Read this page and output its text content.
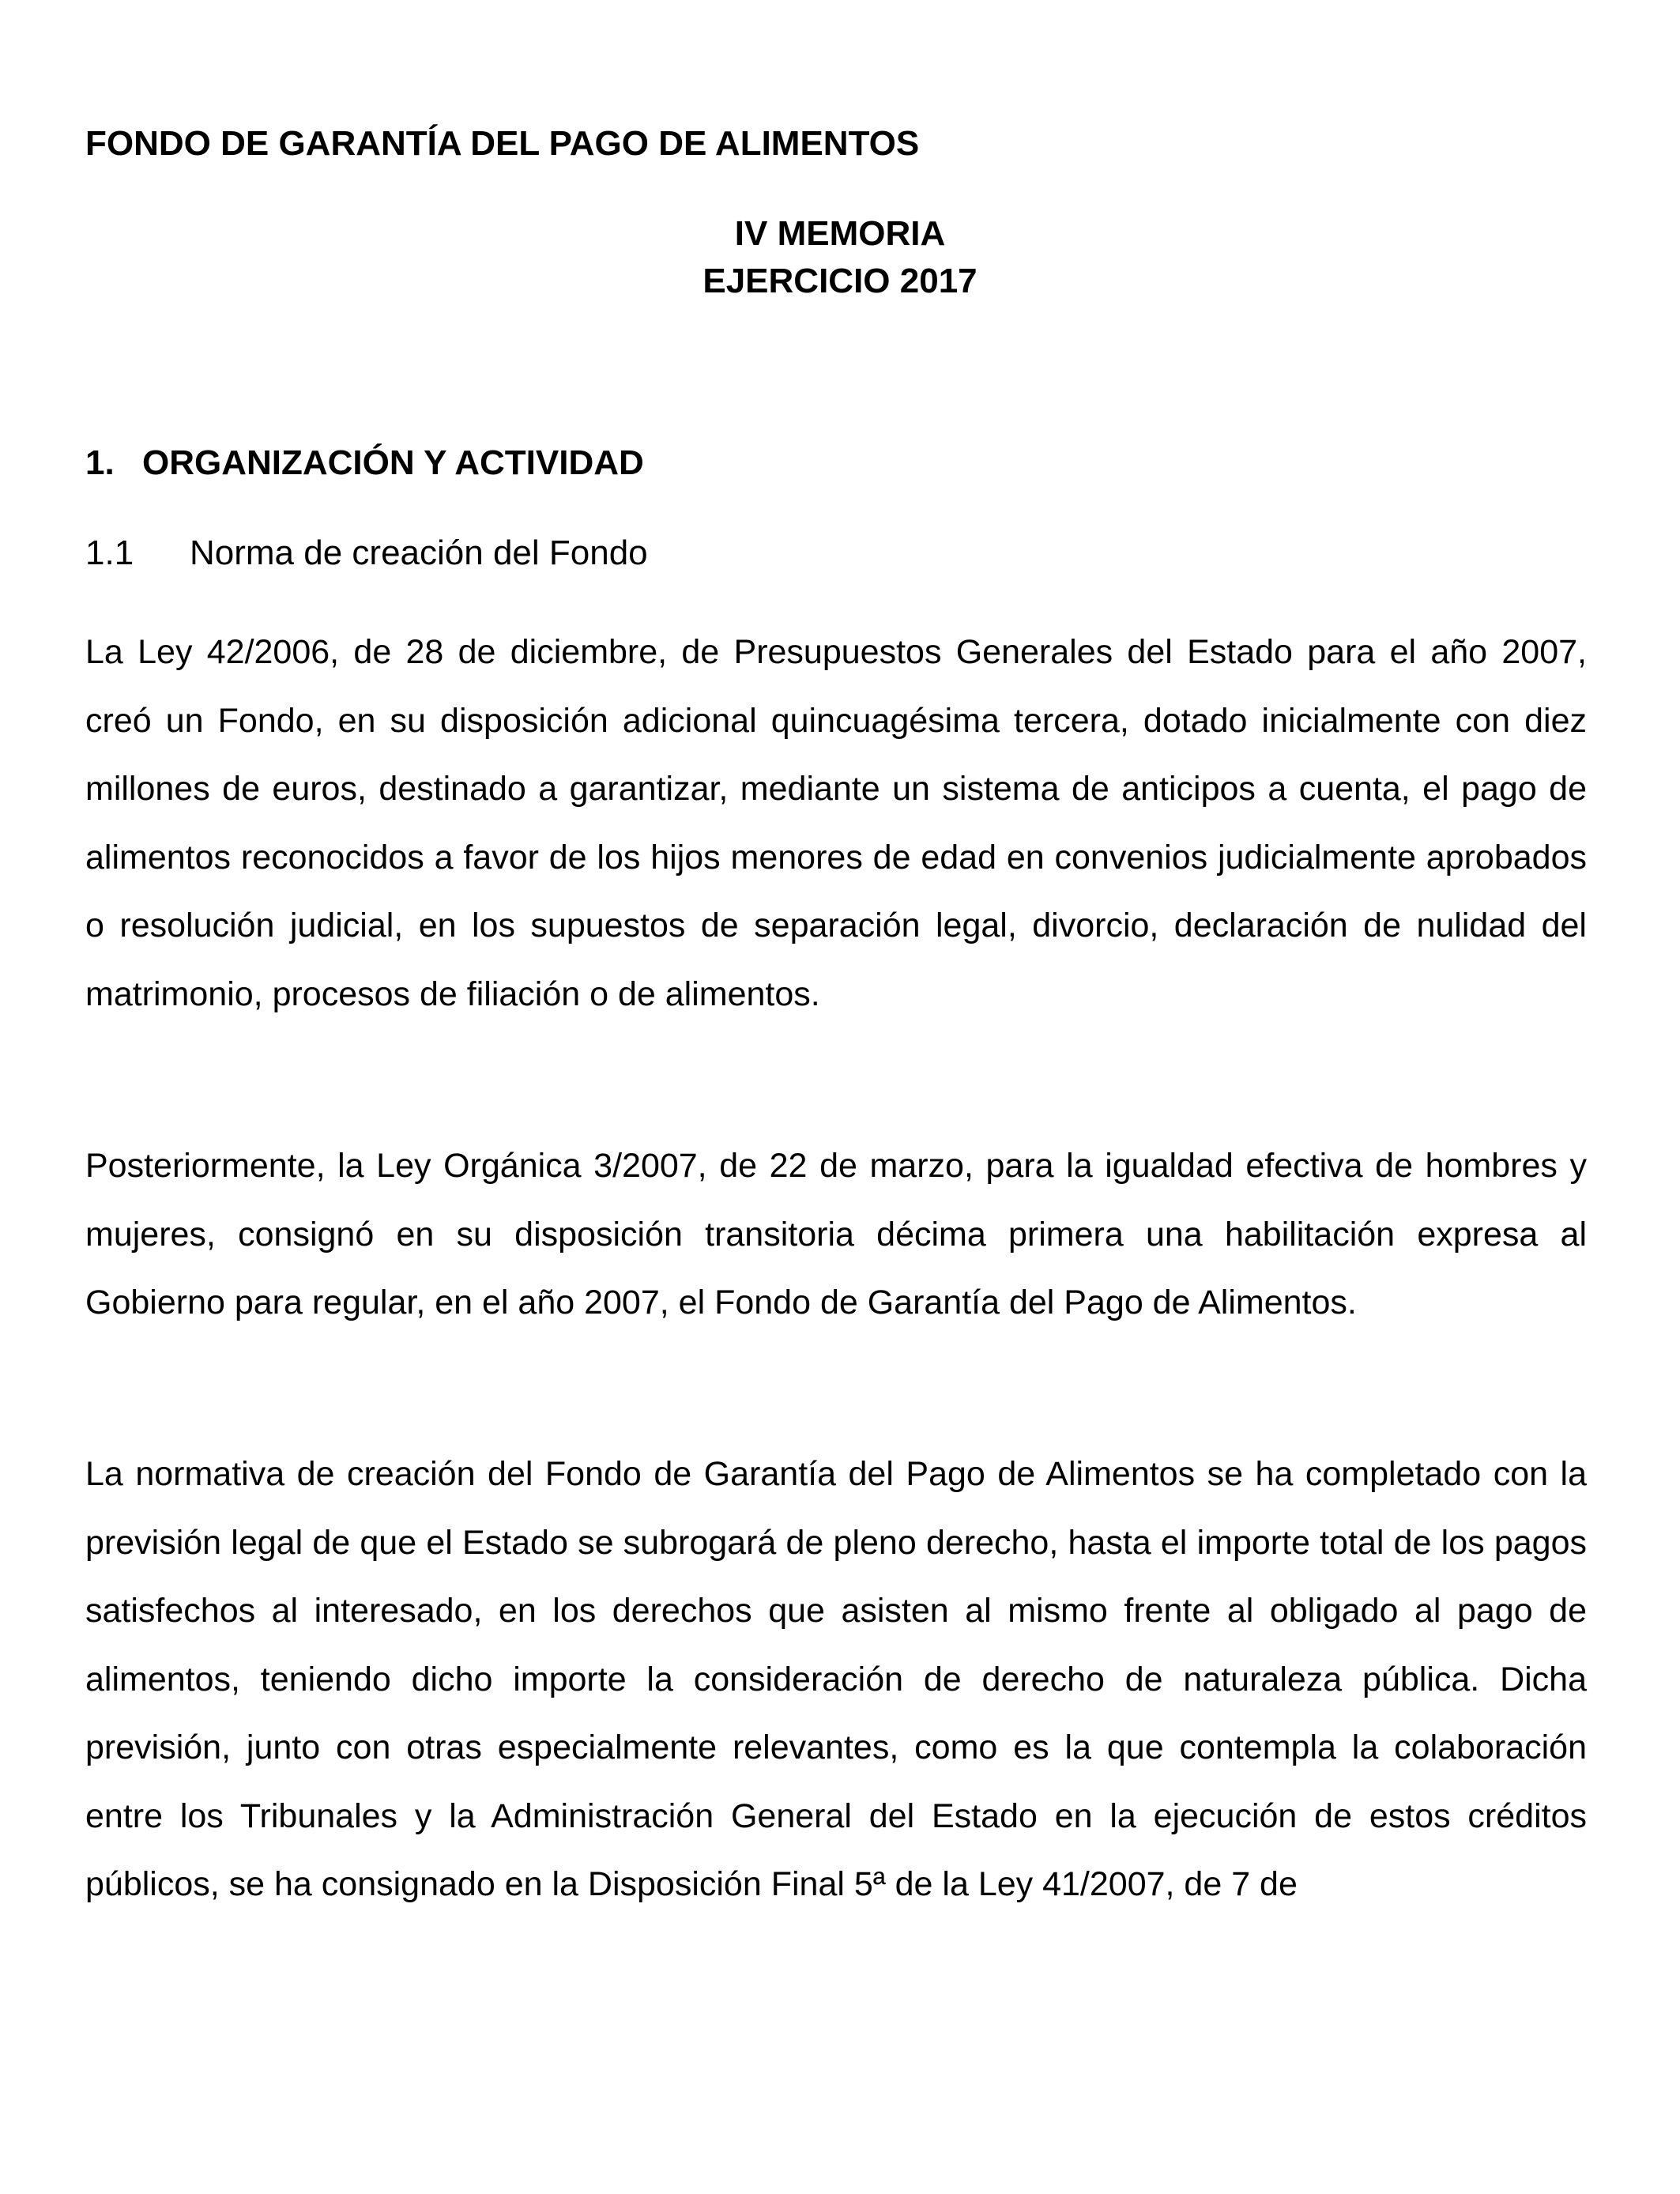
FONDO DE GARANTÍA DEL PAGO DE ALIMENTOS
IV MEMORIA
EJERCICIO 2017
1. ORGANIZACIÓN Y ACTIVIDAD
1.1 Norma de creación del Fondo

La Ley 42/2006, de 28 de diciembre, de Presupuestos Generales del Estado para el año 2007, creó un Fondo, en su disposición adicional quincuagésima tercera, dotado inicialmente con diez millones de euros, destinado a garantizar, mediante un sistema de anticipos a cuenta, el pago de alimentos reconocidos a favor de los hijos menores de edad en convenios judicialmente aprobados o resolución judicial, en los supuestos de separación legal, divorcio, declaración de nulidad del matrimonio, procesos de filiación o de alimentos.

Posteriormente, la Ley Orgánica 3/2007, de 22 de marzo, para la igualdad efectiva de hombres y mujeres, consignó en su disposición transitoria décima primera una habilitación expresa al Gobierno para regular, en el año 2007, el Fondo de Garantía del Pago de Alimentos.

La normativa de creación del Fondo de Garantía del Pago de Alimentos se ha completado con la previsión legal de que el Estado se subrogará de pleno derecho, hasta el importe total de los pagos satisfechos al interesado, en los derechos que asisten al mismo frente al obligado al pago de alimentos, teniendo dicho importe la consideración de derecho de naturaleza pública. Dicha previsión, junto con otras especialmente relevantes, como es la que contempla la colaboración entre los Tribunales y la Administración General del Estado en la ejecución de estos créditos públicos, se ha consignado en la Disposición Final 5ª de la Ley 41/2007, de 7 de
